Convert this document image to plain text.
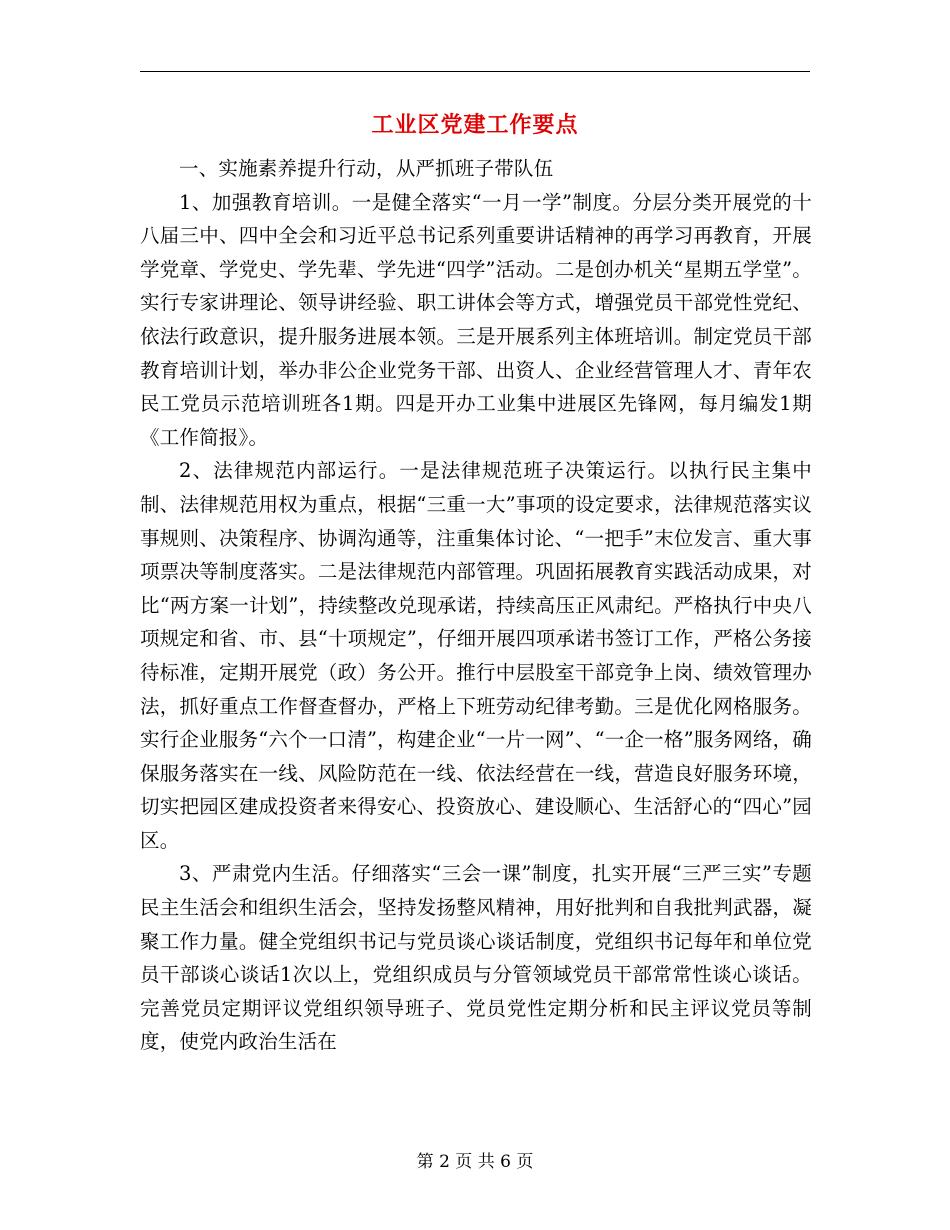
工业区党建工作要点

一、实施素养提升行动，从严抓班子带队伍

1、加强教育培训。一是健全落实“一月一学”制度。分层分类开展党的十八届三中、四中全会和习近平总书记系列重要讲话精神的再学习再教育，开展学党章、学党史、学先辈、学先进“四学”活动。二是创办机关“星期五学堂”。实行专家讲理论、领导讲经验、职工讲体会等方式，增强党员干部党性党纪、依法行政意识，提升服务进展本领。三是开展系列主体班培训。制定党员干部教育培训计划，举办非公企业党务干部、出资人、企业经营管理人才、青年农民工党员示范培训班各1期。四是开办工业集中进展区先锋网，每月编发1期《工作简报》。

2、法律规范内部运行。一是法律规范班子决策运行。以执行民主集中制、法律规范用权为重点，根据“三重一大”事项的设定要求，法律规范落实议事规则、决策程序、协调沟通等，注重集体讨论、“一把手”末位发言、重大事项票决等制度落实。二是法律规范内部管理。巩固拓展教育实践活动成果，对比“两方案一计划”，持续整改兑现承诺，持续高压正风肃纪。严格执行中央八项规定和省、市、县“十项规定”，仔细开展四项承诺书签订工作，严格公务接待标准，定期开展党（政）务公开。推行中层股室干部竞争上岗、绩效管理办法，抓好重点工作督查督办，严格上下班劳动纪律考勤。三是优化网格服务。实行企业服务“六个一口清”，构建企业“一片一网”、“一企一格”服务网络，确保服务落实在一线、风险防范在一线、依法经营在一线，营造良好服务环境，切实把园区建成投资者来得安心、投资放心、建设顺心、生活舒心的“四心”园区。

3、严肃党内生活。仔细落实“三会一课”制度，扎实开展“三严三实”专题民主生活会和组织生活会，坚持发扬整风精神，用好批判和自我批判武器，凝聚工作力量。健全党组织书记与党员谈心谈话制度，党组织书记每年和单位党员干部谈心谈话1次以上，党组织成员与分管领域党员干部常常性谈心谈话。完善党员定期评议党组织领导班子、党员党性定期分析和民主评议党员等制度，使党内政治生活在

第 2 页 共 6 页
